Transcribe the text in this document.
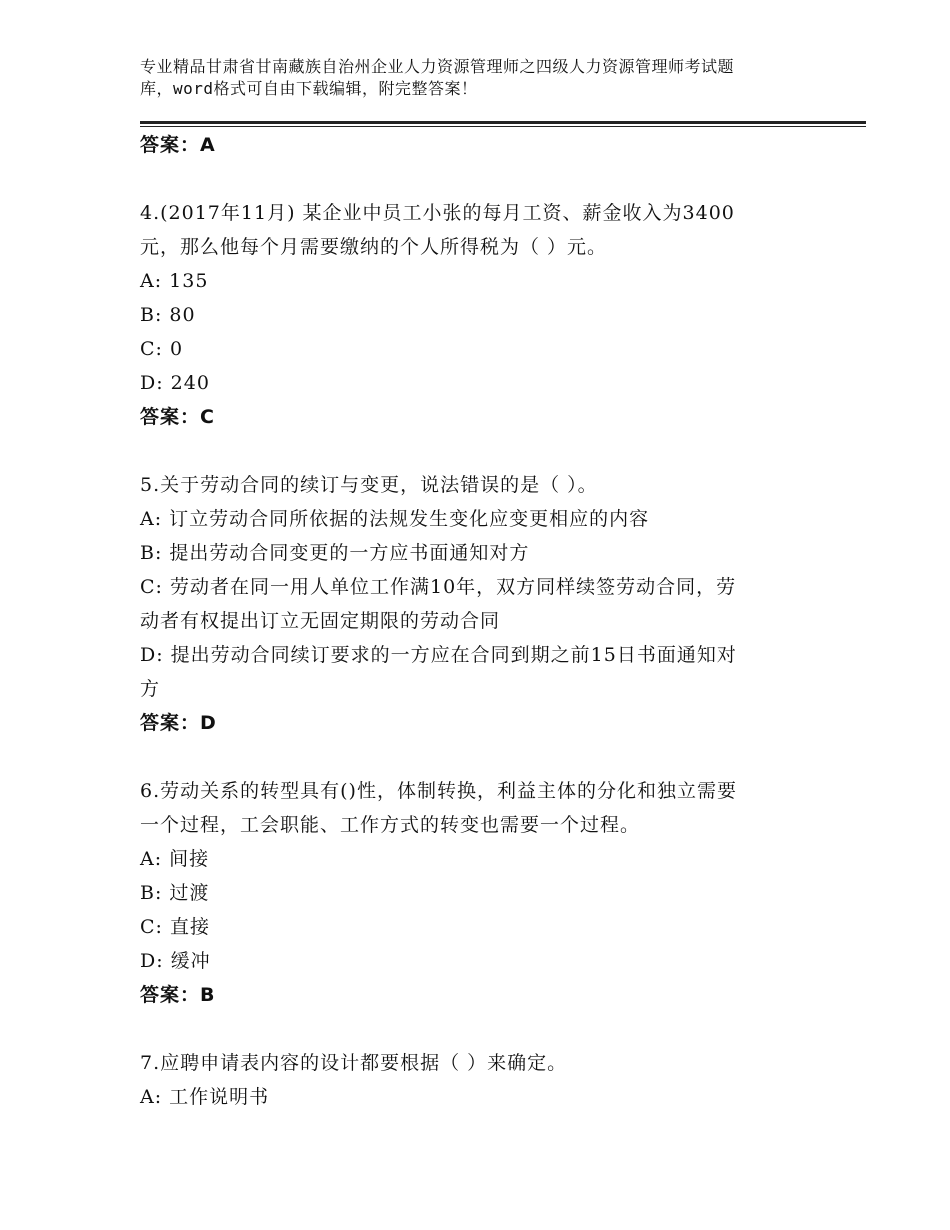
专业精品甘肃省甘南藏族自治州企业人力资源管理师之四级人力资源管理师考试题
库，word格式可自由下载编辑，附完整答案！

答案：A

4.(2017年11月) 某企业中员工小张的每月工资、薪金收入为3400

元，那么他每个月需要缴纳的个人所得税为（ ）元。

A: 135

B: 80

C: 0

D: 240

答案：C

5.关于劳动合同的续订与变更，说法错误的是（ ）。

A: 订立劳动合同所依据的法规发生变化应变更相应的内容

B: 提出劳动合同变更的一方应书面通知对方

C: 劳动者在同一用人单位工作满10年，双方同样续签劳动合同，劳

动者有权提出订立无固定期限的劳动合同

D: 提出劳动合同续订要求的一方应在合同到期之前15日书面通知对

方

答案：D

6.劳动关系的转型具有()性，体制转换，利益主体的分化和独立需要

一个过程，工会职能、工作方式的转变也需要一个过程。

A: 间接

B: 过渡

C: 直接

D: 缓冲

答案：B

7.应聘申请表内容的设计都要根据（ ）来确定。

A: 工作说明书
